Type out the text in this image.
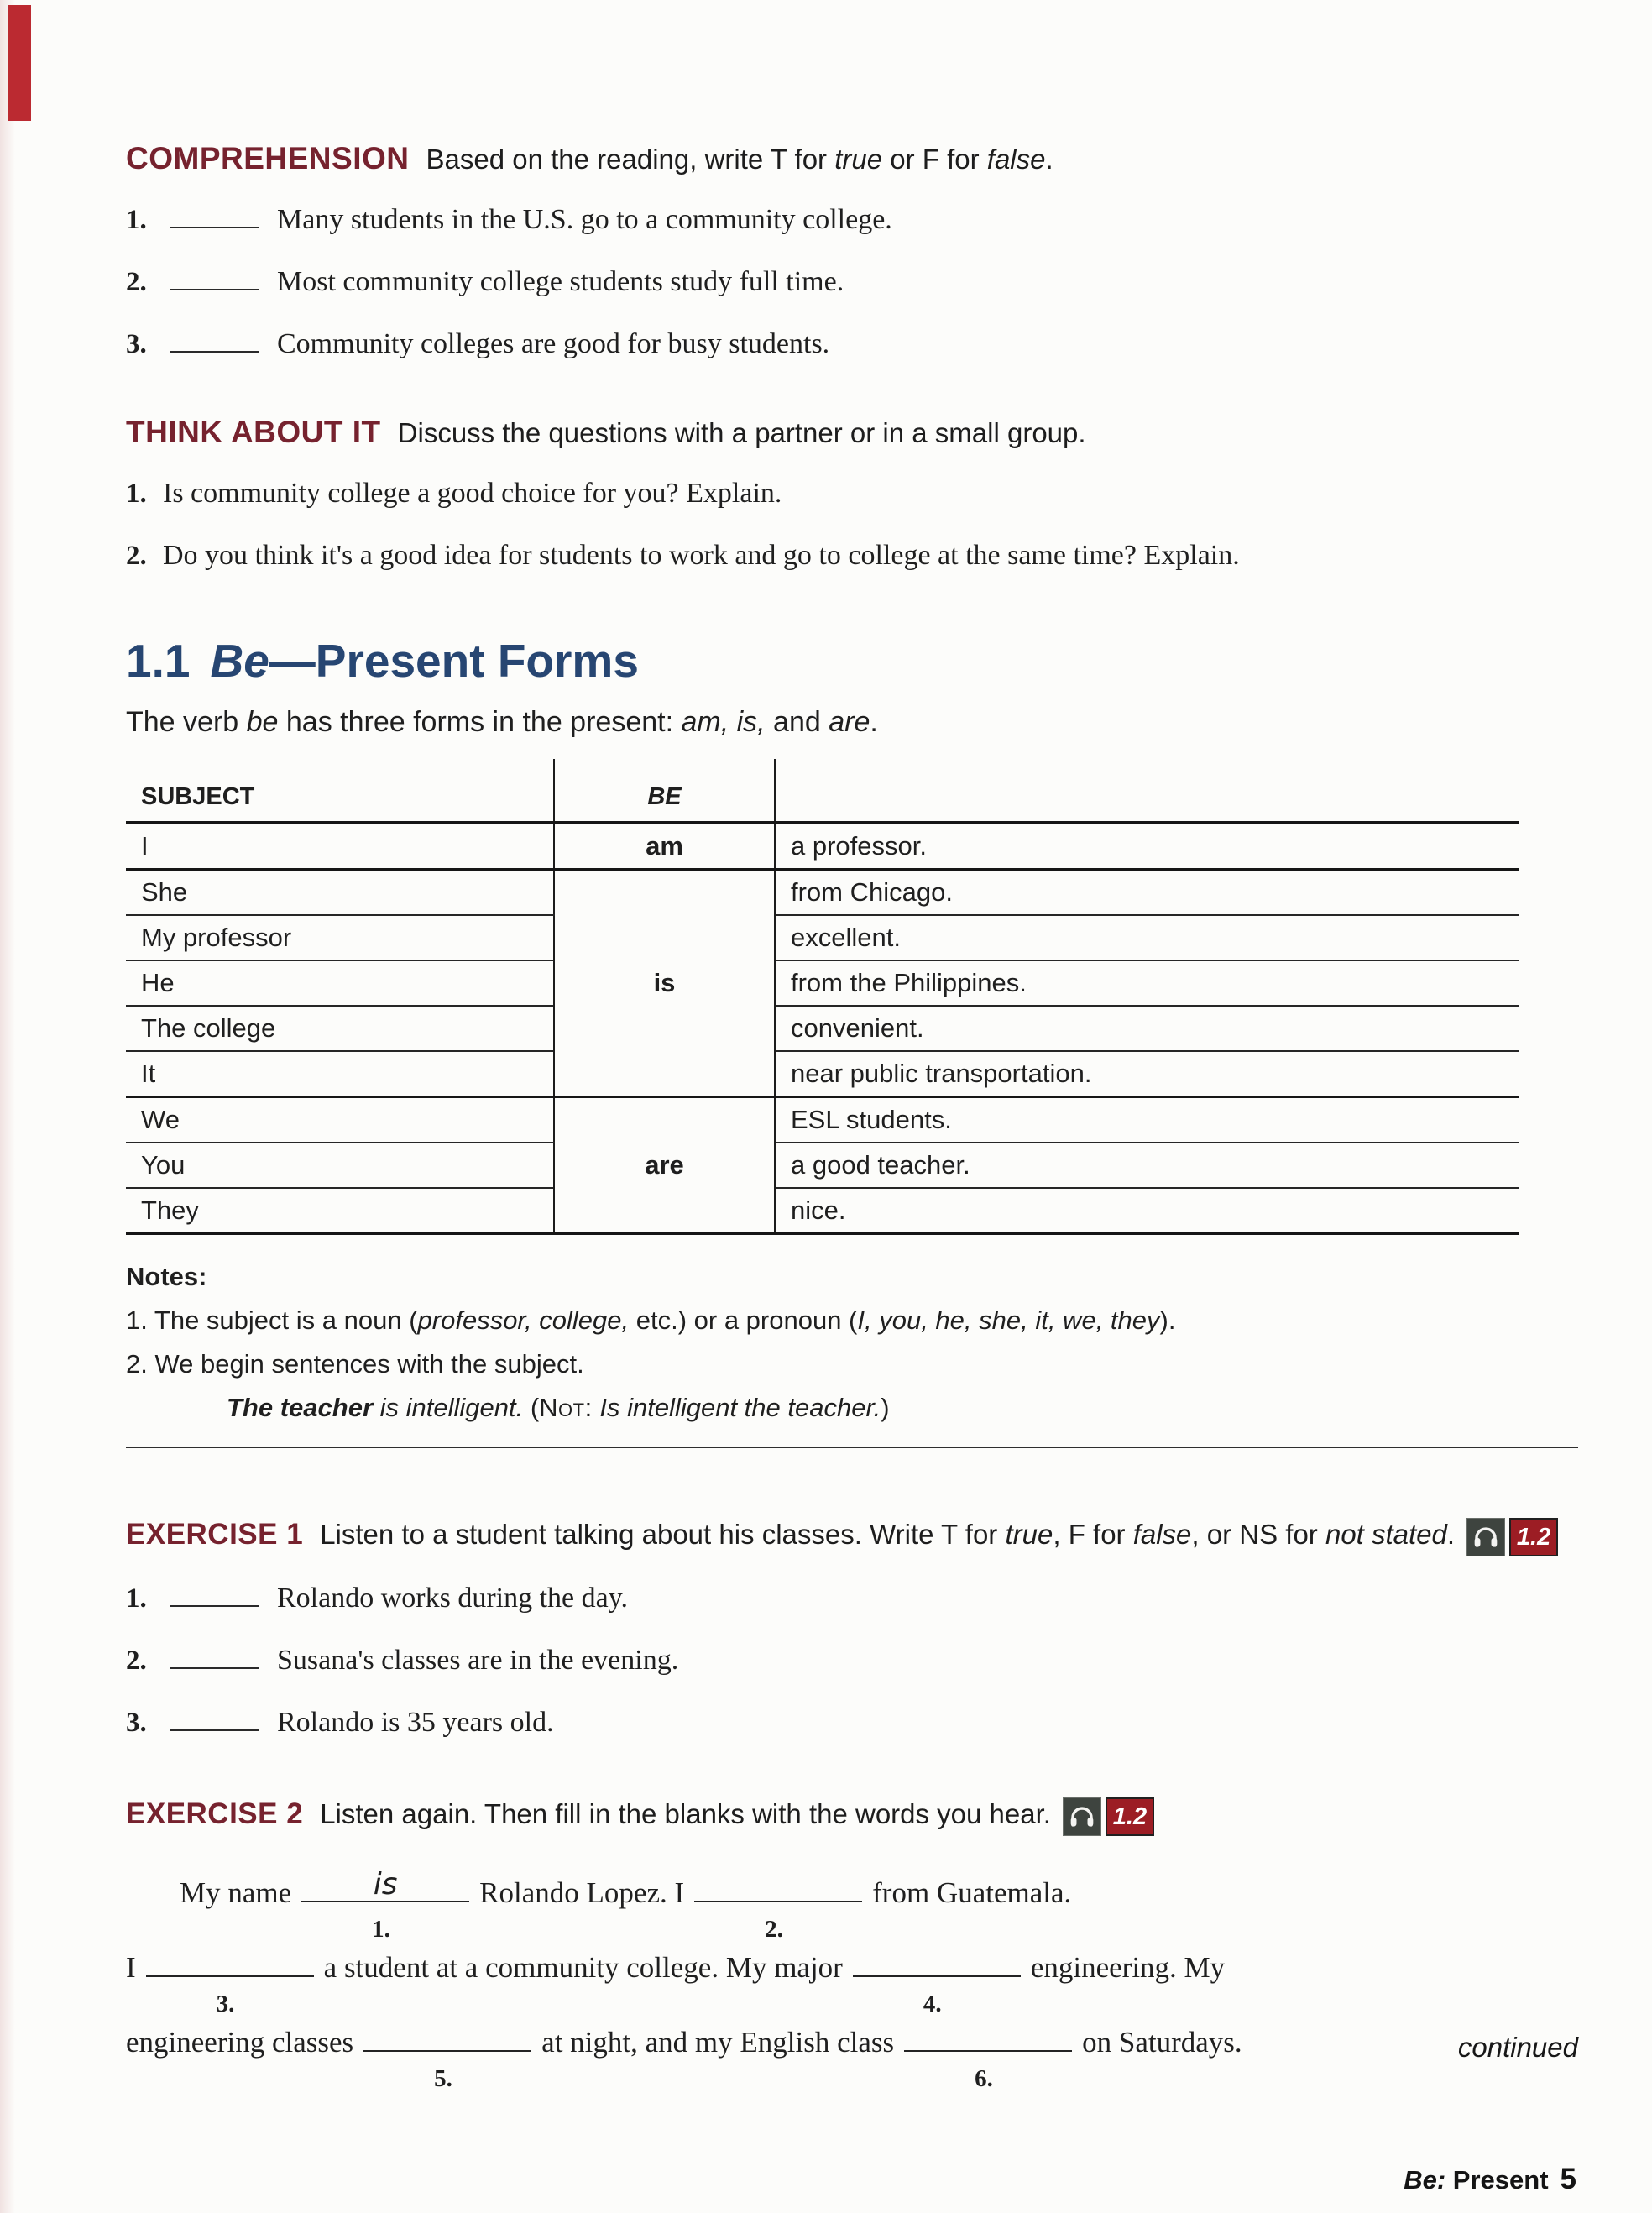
COMPREHENSION Based on the reading, write T for true or F for false.
1.	Many students in the U.S. go to a community college.
2.	Most community college students study full time.
3.	Community colleges are good for busy students.
THINK ABOUT IT Discuss the questions with a partner or in a small group.
1. Is community college a good choice for you? Explain.
2. Do you think it's a good idea for students to work and go to college at the same time? Explain.
1.1 Be—Present Forms
The verb be has three forms in the present: am, is, and are.
SUBJECT	BE	
I	am	a professor.
She	is	from Chicago.
My professor		excellent.
He		from the Philippines.
The college		convenient.
It		near public transportation.
We	are	ESL students.
You		a good teacher.
They		nice.
Notes:
1. The subject is a noun (professor, college, etc.) or a pronoun (I, you, he, she, it, we, they).
2. We begin sentences with the subject.
The teacher is intelligent. (Not: Is intelligent the teacher.)
EXERCISE 1 Listen to a student talking about his classes. Write T for true, F for false, or NS for not stated.	1.2
1.	Rolando works during the day.
2.	Susana's classes are in the evening.
3.	Rolando is 35 years old.
EXERCISE 2 Listen again. Then fill in the blanks with the words you hear.	1.2
My name	is
1.
Rolando Lopez. I
2.
from Guatemala.
I
3.
a student at a community college. My major
4.
engineering. My
engineering classes
5.
at night, and my English class
6.
on Saturdays.	continued
Be: Present 5
